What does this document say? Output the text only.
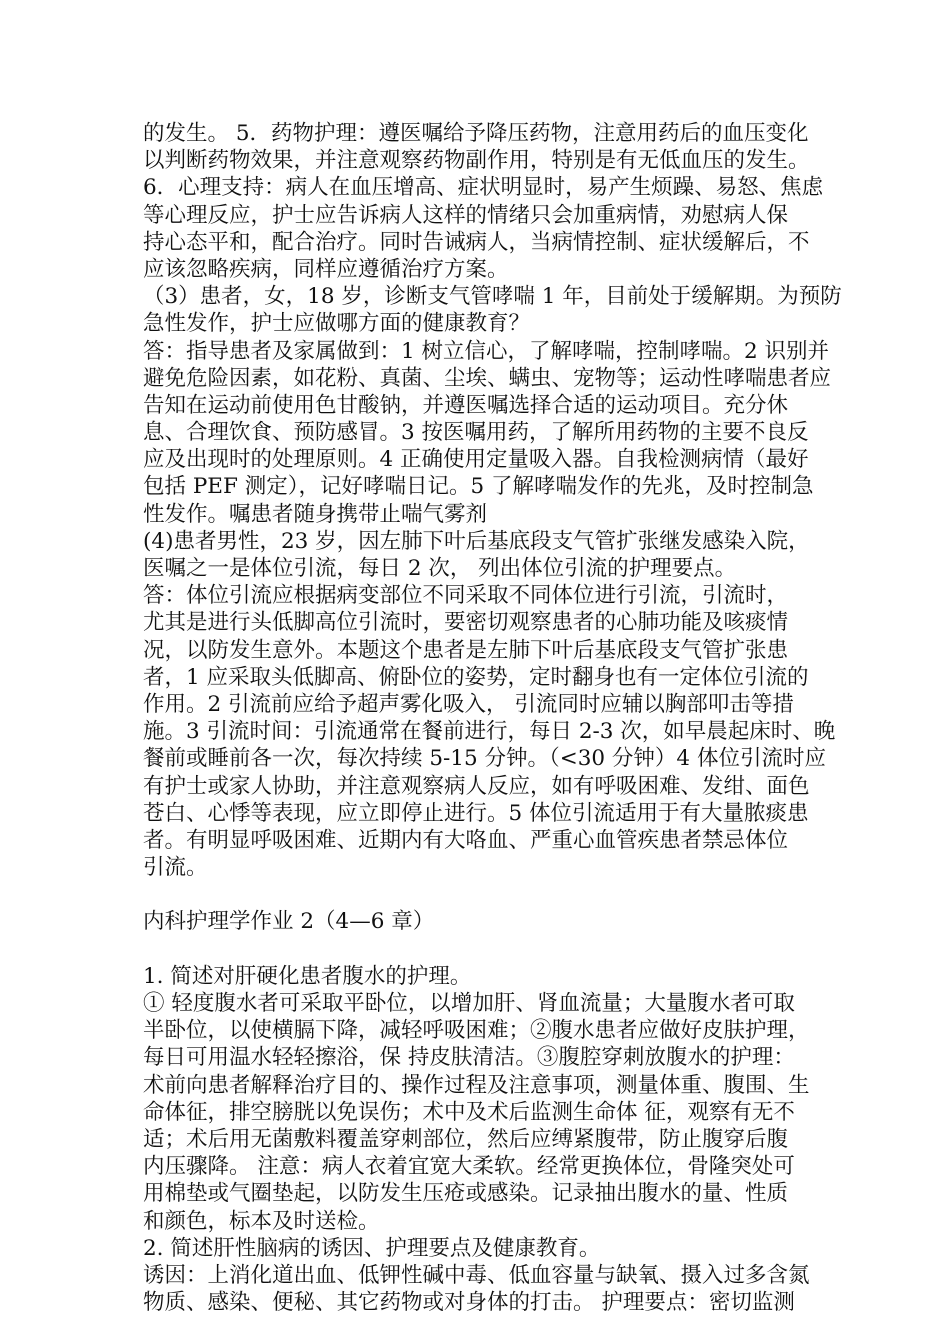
的发生。 5．药物护理：遵医嘱给予降压药物，注意用药后的血压变化
以判断药物效果，并注意观察药物副作用，特别是有无低血压的发生。
6．心理支持：病人在血压增高、症状明显时，易产生烦躁、易怒、焦虑
等心理反应，护士应告诉病人这样的情绪只会加重病情，劝慰病人保
持心态平和，配合治疗。同时告诫病人，当病情控制、症状缓解后，不
应该忽略疾病，同样应遵循治疗方案。
（3）患者，女，18 岁，诊断支气管哮喘 1 年，目前处于缓解期。为预防
急性发作，护士应做哪方面的健康教育？
答：指导患者及家属做到：1 树立信心，了解哮喘，控制哮喘。2 识别并
避免危险因素，如花粉、真菌、尘埃、螨虫、宠物等；运动性哮喘患者应
告知在运动前使用色甘酸钠，并遵医嘱选择合适的运动项目。充分休
息、合理饮食、预防感冒。3 按医嘱用药，了解所用药物的主要不良反
应及出现时的处理原则。4 正确使用定量吸入器。自我检测病情（最好
包括 PEF 测定），记好哮喘日记。5 了解哮喘发作的先兆，及时控制急
性发作。嘱患者随身携带止喘气雾剂
(4)患者男性，23 岁，因左肺下叶后基底段支气管扩张继发感染入院，
医嘱之一是体位引流，每日 2 次， 列出体位引流的护理要点。
答：体位引流应根据病变部位不同采取不同体位进行引流，引流时，
尤其是进行头低脚高位引流时，要密切观察患者的心肺功能及咳痰情
况，以防发生意外。本题这个患者是左肺下叶后基底段支气管扩张患
者，1 应采取头低脚高、俯卧位的姿势，定时翻身也有一定体位引流的
作用。2 引流前应给予超声雾化吸入， 引流同时应辅以胸部叩击等措
施。3 引流时间：引流通常在餐前进行，每日 2-3 次，如早晨起床时、晚
餐前或睡前各一次，每次持续 5-15 分钟。（<30 分钟）4 体位引流时应
有护士或家人协助，并注意观察病人反应，如有呼吸困难、发绀、面色
苍白、心悸等表现，应立即停止进行。5 体位引流适用于有大量脓痰患
者。有明显呼吸困难、近期内有大咯血、严重心血管疾患者禁忌体位
引流。
内科护理学作业 2（4—6 章）
1. 简述对肝硬化患者腹水的护理。
① 轻度腹水者可采取平卧位，以增加肝、肾血流量；大量腹水者可取
半卧位，以使横膈下降，减轻呼吸困难；②腹水患者应做好皮肤护理，
每日可用温水轻轻擦浴，保 持皮肤清洁。③腹腔穿刺放腹水的护理：
术前向患者解释治疗目的、操作过程及注意事项，测量体重、腹围、生
命体征，排空膀胱以免误伤；术中及术后监测生命体 征，观察有无不
适；术后用无菌敷料覆盖穿刺部位，然后应缚紧腹带，防止腹穿后腹
内压骤降。 注意：病人衣着宜宽大柔软。经常更换体位，骨隆突处可
用棉垫或气圈垫起，以防发生压疮或感染。记录抽出腹水的量、性质
和颜色，标本及时送检。
2. 简述肝性脑病的诱因、护理要点及健康教育。
诱因：上消化道出血、低钾性碱中毒、低血容量与缺氧、摄入过多含氮
物质、感染、便秘、其它药物或对身体的打击。 护理要点：密切监测
